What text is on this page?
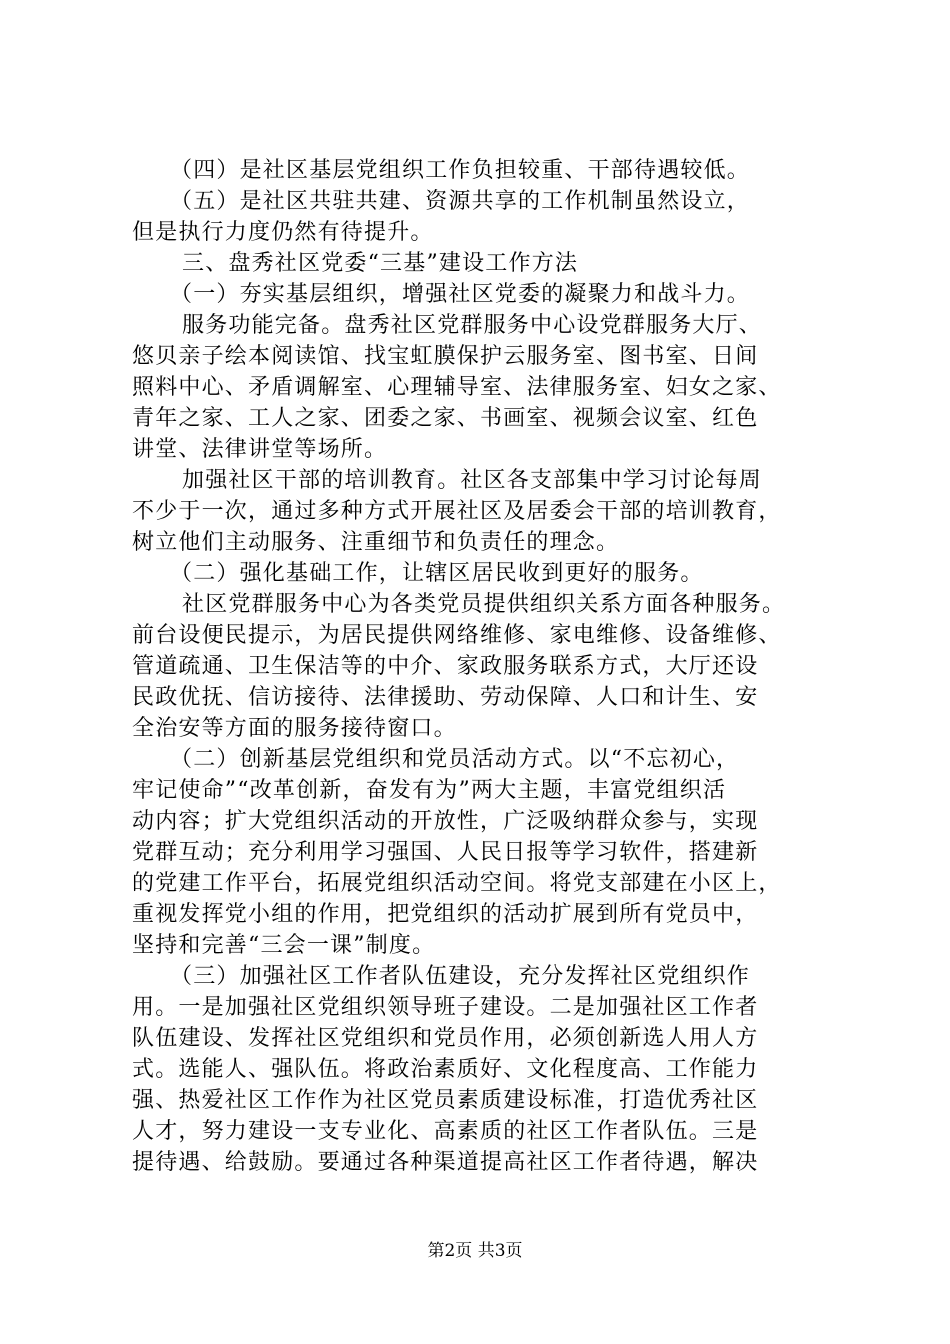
（四）是社区基层党组织工作负担较重、干部待遇较低。
（五）是社区共驻共建、资源共享的工作机制虽然设立，
但是执行力度仍然有待提升。
三、盘秀社区党委“三基”建设工作方法
（一）夯实基层组织，增强社区党委的凝聚力和战斗力。
服务功能完备。盘秀社区党群服务中心设党群服务大厅、
悠贝亲子绘本阅读馆、找宝虹膜保护云服务室、图书室、日间
照料中心、矛盾调解室、心理辅导室、法律服务室、妇女之家、
青年之家、工人之家、团委之家、书画室、视频会议室、红色
讲堂、法律讲堂等场所。
加强社区干部的培训教育。社区各支部集中学习讨论每周
不少于一次，通过多种方式开展社区及居委会干部的培训教育，
树立他们主动服务、注重细节和负责任的理念。
（二）强化基础工作，让辖区居民收到更好的服务。
社区党群服务中心为各类党员提供组织关系方面各种服务。
前台设便民提示，为居民提供网络维修、家电维修、设备维修、
管道疏通、卫生保洁等的中介、家政服务联系方式，大厅还设
民政优抚、信访接待、法律援助、劳动保障、人口和计生、安
全治安等方面的服务接待窗口。
（二）创新基层党组织和党员活动方式。以“不忘初心，
牢记使命”“改革创新，奋发有为”两大主题，丰富党组织活
动内容；扩大党组织活动的开放性，广泛吸纳群众参与，实现
党群互动；充分利用学习强国、人民日报等学习软件，搭建新
的党建工作平台，拓展党组织活动空间。将党支部建在小区上，
重视发挥党小组的作用，把党组织的活动扩展到所有党员中，
坚持和完善“三会一课”制度。
（三）加强社区工作者队伍建设，充分发挥社区党组织作
用。一是加强社区党组织领导班子建设。二是加强社区工作者
队伍建设、发挥社区党组织和党员作用，必须创新选人用人方
式。选能人、强队伍。将政治素质好、文化程度高、工作能力
强、热爱社区工作作为社区党员素质建设标准，打造优秀社区
人才，努力建设一支专业化、高素质的社区工作者队伍。三是
提待遇、给鼓励。要通过各种渠道提高社区工作者待遇，解决
第2页 共3页
